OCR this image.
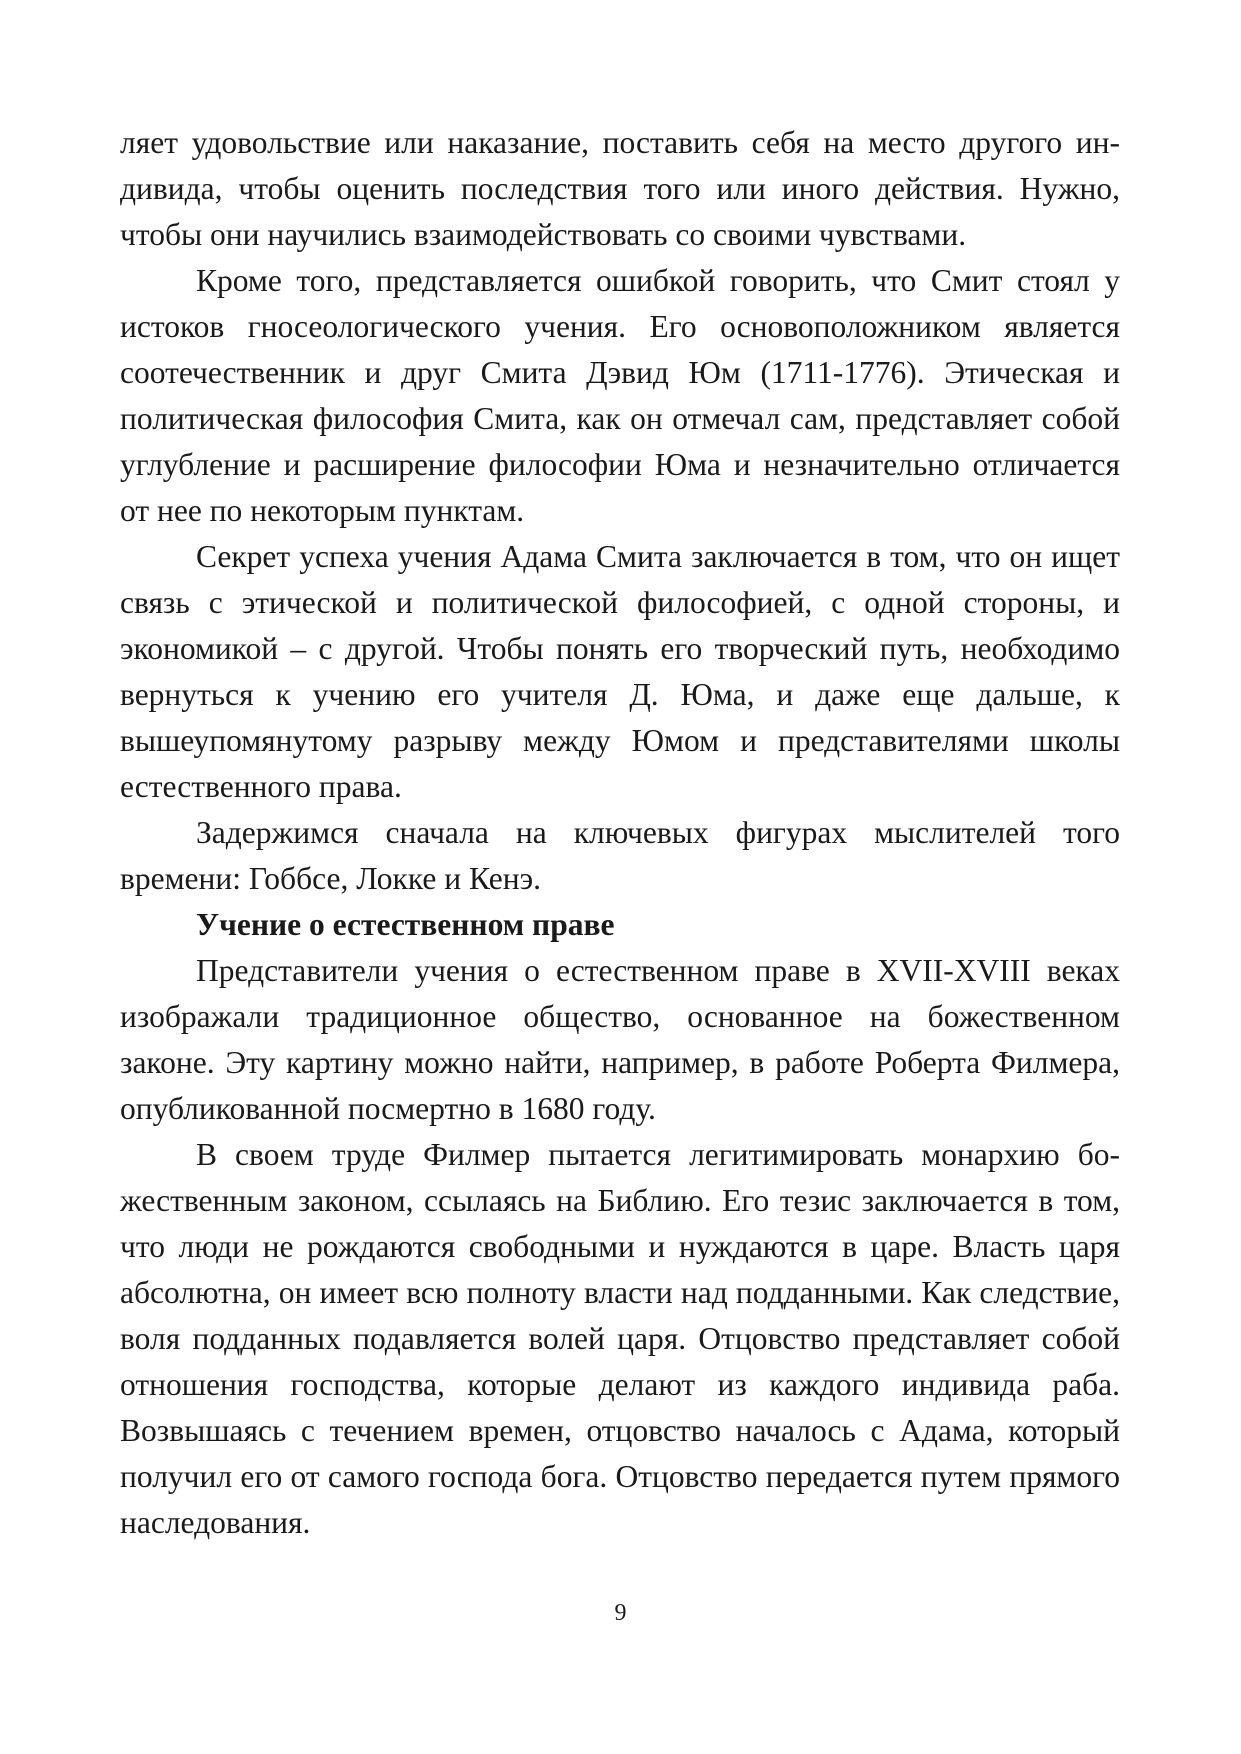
ляет удовольствие или наказание, поставить себя на место другого индивида, чтобы оценить последствия того или иного действия. Нужно, чтобы они научились взаимодействовать со своими чувствами.

Кроме того, представляется ошибкой говорить, что Смит стоял у истоков гносеологического учения. Его основоположником является соотечественник и друг Смита Дэвид Юм (1711-1776). Этическая и политическая философия Смита, как он отмечал сам, представляет собой углубление и расширение философии Юма и незначительно отличается от нее по некоторым пунктам.

Секрет успеха учения Адама Смита заключается в том, что он ищет связь с этической и политической философией, с одной стороны, и экономикой – с другой. Чтобы понять его творческий путь, необходимо вернуться к учению его учителя Д. Юма, и даже еще дальше, к вышеупомянутому разрыву между Юмом и представителями школы естественного права.

Задержимся сначала на ключевых фигурах мыслителей того времени: Гоббсе, Локке и Кенэ.

Учение о естественном праве

Представители учения о естественном праве в XVII-XVIII веках изображали традиционное общество, основанное на божественном законе. Эту картину можно найти, например, в работе Роберта Филмера, опубликованной посмертно в 1680 году.

В своем труде Филмер пытается легитимировать монархию божественным законом, ссылаясь на Библию. Его тезис заключается в том, что люди не рождаются свободными и нуждаются в царе. Власть царя абсолютна, он имеет всю полноту власти над подданными. Как следствие, воля подданных подавляется волей царя. Отцовство представляет собой отношения господства, которые делают из каждого индивида раба. Возвышаясь с течением времен, отцовство началось с Адама, который получил его от самого господа бога. Отцовство передается путем прямого наследования.

9
